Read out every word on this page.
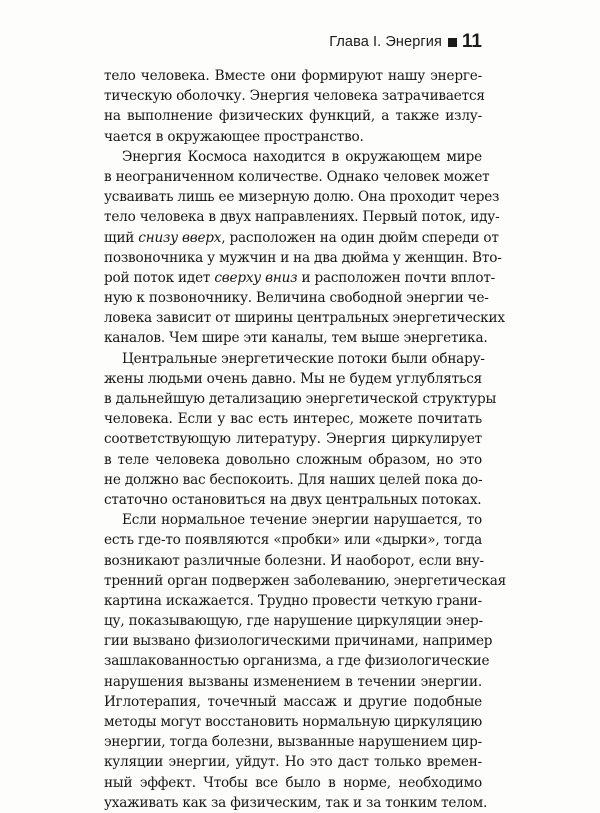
Глава I. Энергия 11
тело человека. Вместе они формируют нашу энерге-
тическую оболочку. Энергия человека затрачивается
на выполнение физических функций, а также излу-
чается в окружающее пространство.
Энергия Космоса находится в окружающем мире
в неограниченном количестве. Однако человек может
усваивать лишь ее мизерную долю. Она проходит через
тело человека в двух направлениях. Первый поток, иду-
щий снизу вверх, расположен на один дюйм спереди от
позвоночника у мужчин и на два дюйма у женщин. Вто-
рой поток идет сверху вниз и расположен почти вплот-
ную к позвоночнику. Величина свободной энергии че-
ловека зависит от ширины центральных энергетических
каналов. Чем шире эти каналы, тем выше энергетика.
Центральные энергетические потоки были обнару-
жены людьми очень давно. Мы не будем углубляться
в дальнейшую детализацию энергетической структуры
человека. Если у вас есть интерес, можете почитать
соответствующую литературу. Энергия циркулирует
в теле человека довольно сложным образом, но это
не должно вас беспокоить. Для наших целей пока до-
статочно остановиться на двух центральных потоках.
Если нормальное течение энергии нарушается, то
есть где-то появляются «пробки» или «дырки», тогда
возникают различные болезни. И наоборот, если вну-
тренний орган подвержен заболеванию, энергетическая
картина искажается. Трудно провести четкую грани-
цу, показывающую, где нарушение циркуляции энер-
гии вызвано физиологическими причинами, например
зашлакованностью организма, а где физиологические
нарушения вызваны изменением в течении энергии.
Иглотерапия, точечный массаж и другие подобные
методы могут восстановить нормальную циркуляцию
энергии, тогда болезни, вызванные нарушением цир-
куляции энергии, уйдут. Но это даст только времен-
ный эффект. Чтобы все было в норме, необходимо
ухаживать как за физическим, так и за тонким телом.
